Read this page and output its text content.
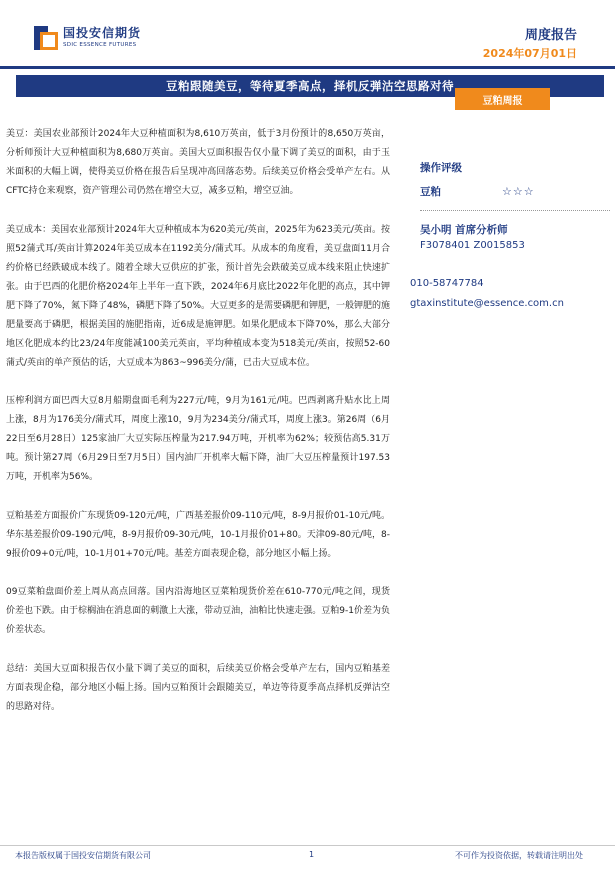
国投安信期货
SDIC ESSENCE FUTURES
周度报告
2024年07月01日
豆粕跟随美豆，等待夏季高点，择机反弹沽空思路对待
豆粕周报

美豆：美国农业部预计2024年大豆种植面积为8,610万英亩，低于3月份预计的8,650万英亩，分析师预计大豆种植面积为8,680万英亩。美国大豆面积报告仅小量下调了美豆的面积，由于玉米面积的大幅上调，使得美豆价格在报告后呈现冲高回落态势。后续美豆价格会受单产左右。从CFTC持仓来观察，资产管理公司仍然在增空大豆，减多豆粕，增空豆油。

美豆成本：美国农业部预计2024年大豆种植成本为620美元/英亩，2025年为623美元/英亩。按照52蒲式耳/英亩计算2024年美豆成本在1192美分/蒲式耳。从成本的角度看，美豆盘面11月合约价格已经跌破成本线了。随着全球大豆供应的扩张，预计首先会跌破美豆成本线来阻止快速扩张。由于巴西的化肥价格2024年上半年一直下跌，2024年6月底比2022年化肥的高点，其中钾肥下降了70%，氮下降了48%，磷肥下降了50%。大豆更多的是需要磷肥和钾肥，一般钾肥的施肥量要高于磷肥，根据美国的施肥指南，近6成是施钾肥。如果化肥成本下降70%，那么大部分地区化肥成本约比23/24年度能减100美元英亩，平均种植成本变为518美元/英亩，按照52-60蒲式/英亩的单产预估的话，大豆成本为863~996美分/蒲，已击大豆成本位。

压榨利润方面巴西大豆8月船期盘面毛利为227元/吨，9月为161元/吨。巴西剥离升贴水比上周上涨，8月为176美分/蒲式耳，周度上涨10，9月为234美分/蒲式耳，周度上涨3。第26周（6月22日至6月28日）125家油厂大豆实际压榨量为217.94万吨，开机率为62%；较预估高5.31万吨。预计第27周（6月29日至7月5日）国内油厂开机率大幅下降，油厂大豆压榨量预计197.53万吨，开机率为56%。

豆粕基差方面报价广东现货09-120元/吨，广西基差报价09-110元/吨，8-9月报价01-10元/吨。华东基差报价09-190元/吨，8-9月报价09-30元/吨，10-1月报价01+80。天津09-80元/吨，8-9报价09+0元/吨，10-1月01+70元/吨。基差方面表现企稳，部分地区小幅上扬。

09豆菜粕盘面价差上周从高点回落。国内沿海地区豆菜粕现货价差在610-770元/吨之间，现货价差也下跌。由于棕榈油在消息面的刺激上大涨，带动豆油，油粕比快速走强。豆粕9-1价差为负价差状态。

总结：美国大豆面积报告仅小量下调了美豆的面积，后续美豆价格会受单产左右，国内豆粕基差方面表现企稳，部分地区小幅上扬。国内豆粕预计会跟随美豆，单边等待夏季高点择机反弹沽空的思路对待。

操作评级
豆粕	☆☆☆
吴小明 首席分析师
F3078401 Z0015853
010-58747784
gtaxinstitute@essence.com.cn
本报告版权属于国投安信期货有限公司	1	不可作为投资依据，转载请注明出处
